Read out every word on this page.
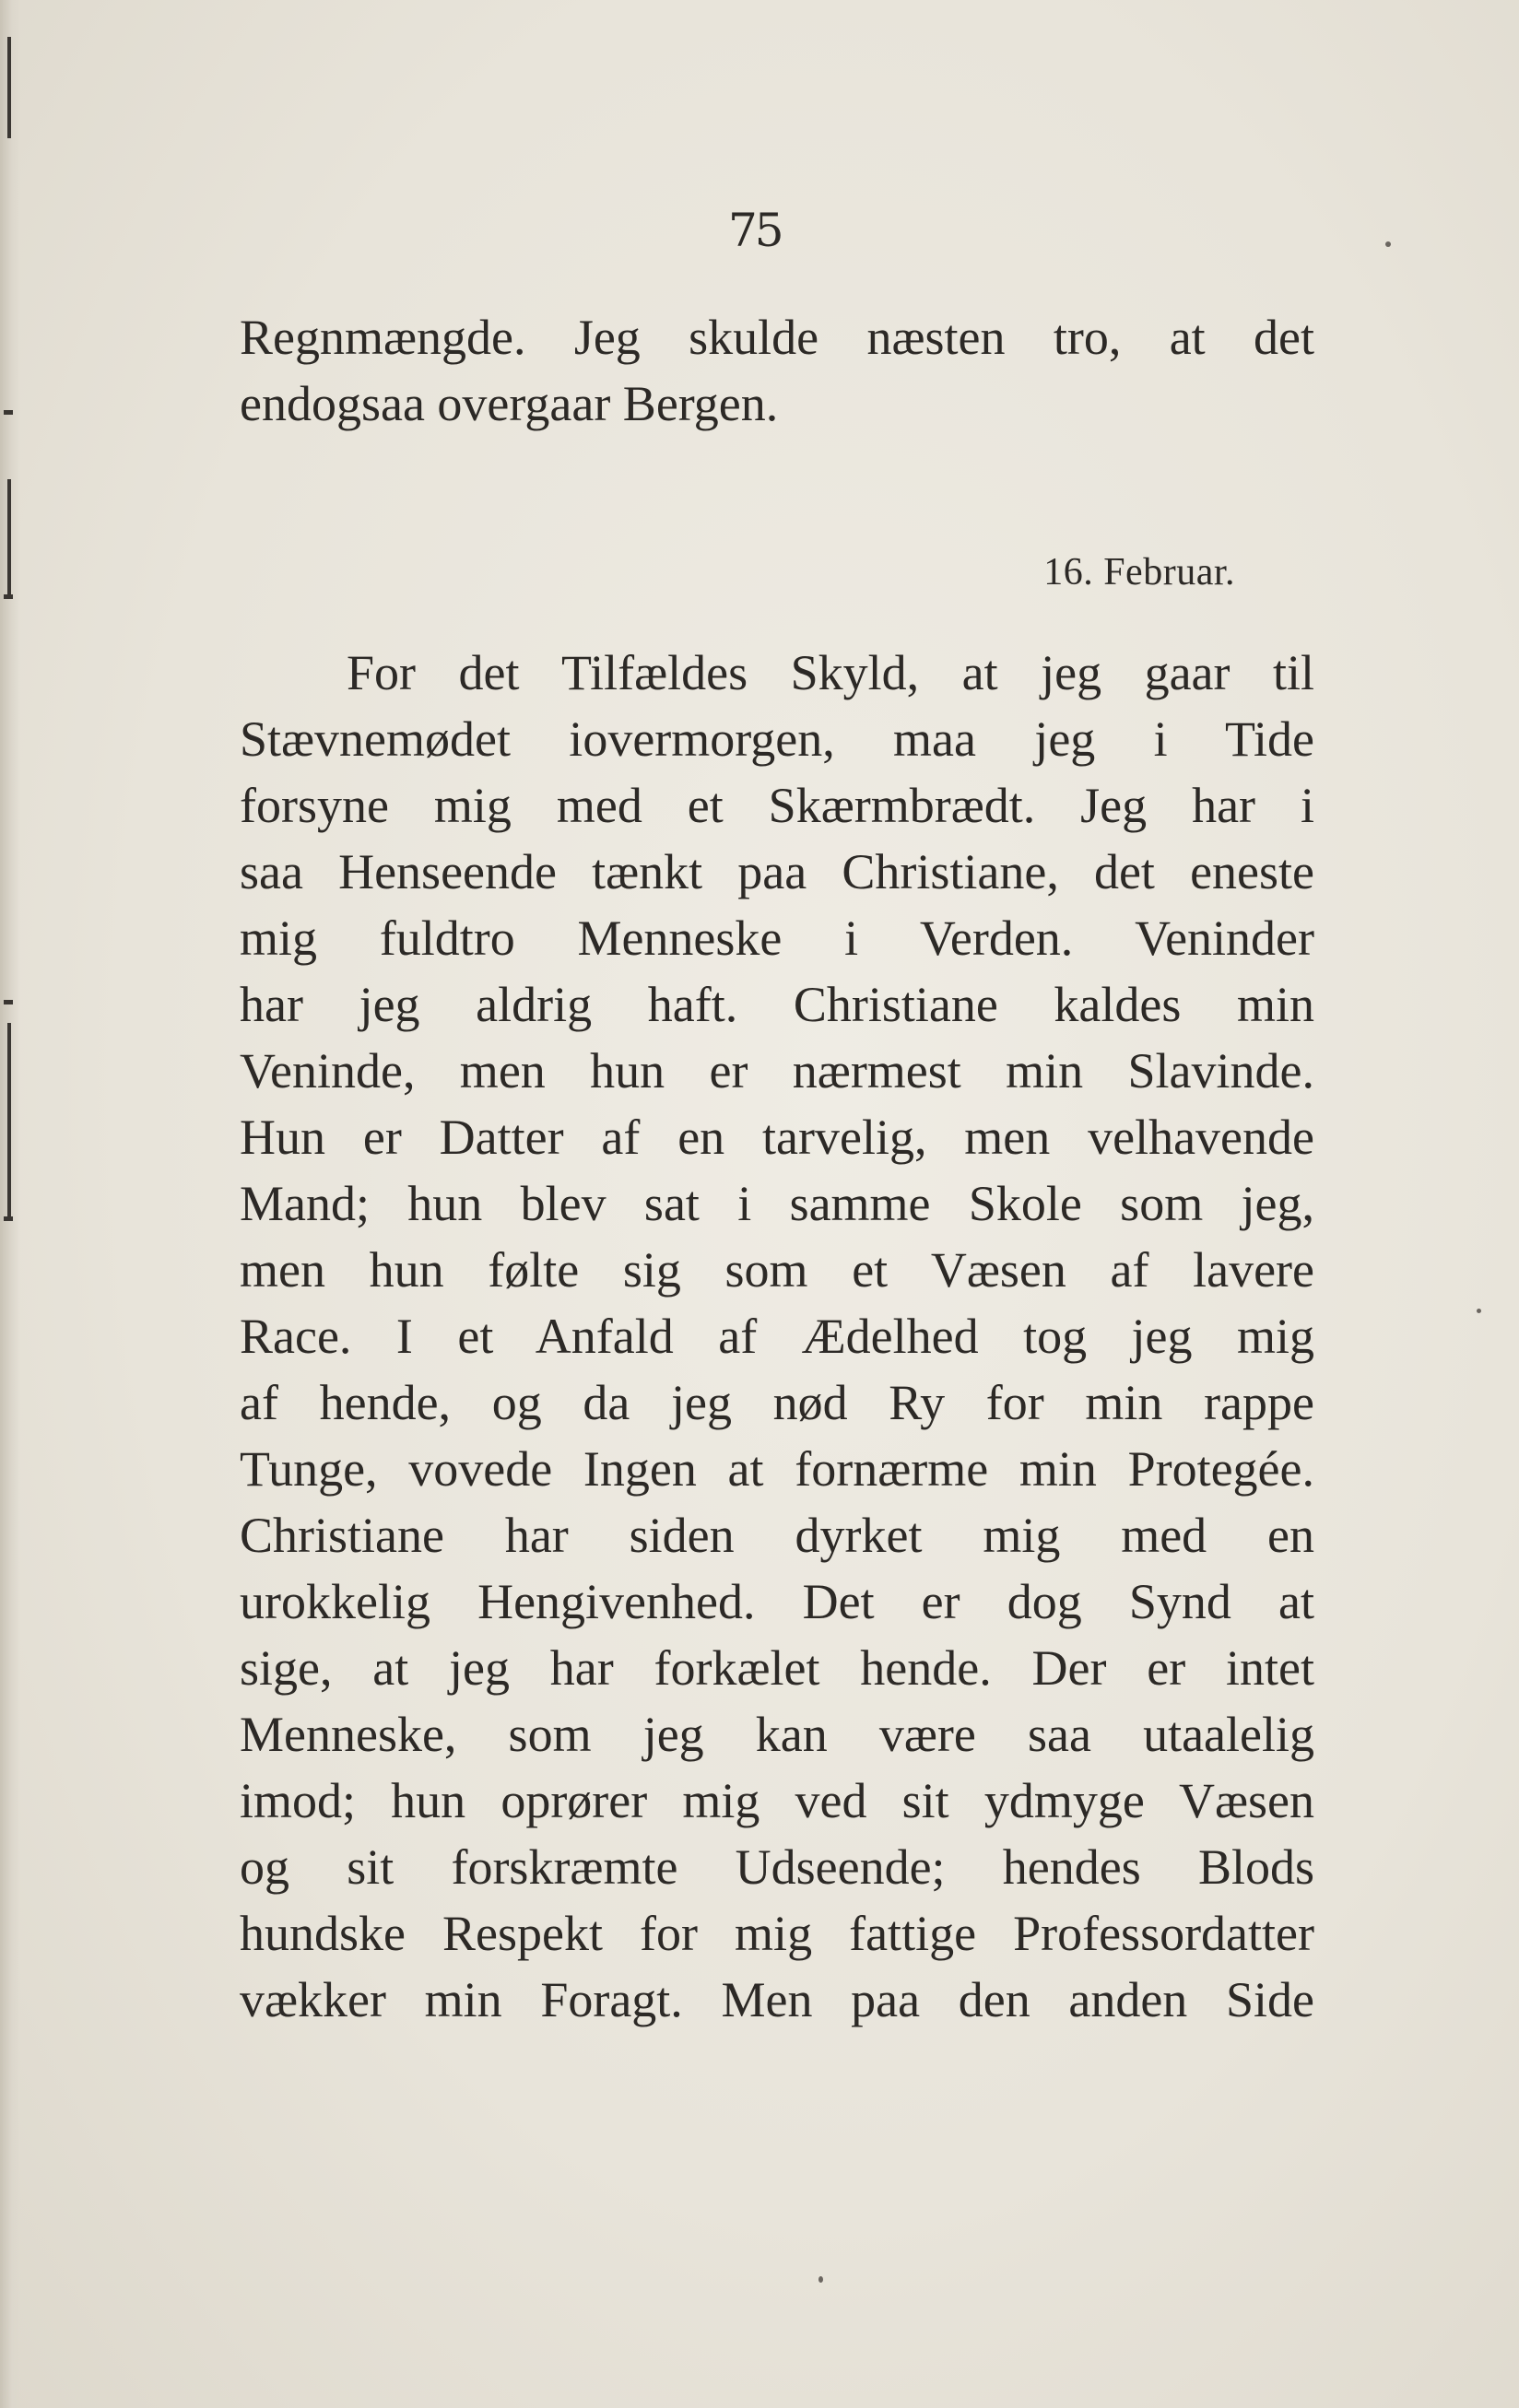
75
Regnmængde. Jeg skulde næsten tro, at det
endogsaa overgaar Bergen.
16. Februar.
For det Tilfældes Skyld, at jeg gaar til
Stævnemødet iovermorgen, maa jeg i Tide
forsyne mig med et Skærmbrædt. Jeg har i
saa Henseende tænkt paa Christiane, det eneste
mig fuldtro Menneske i Verden. Veninder
har jeg aldrig haft. Christiane kaldes min
Veninde, men hun er nærmest min Slavinde.
Hun er Datter af en tarvelig, men velhavende
Mand; hun blev sat i samme Skole som jeg,
men hun følte sig som et Væsen af lavere
Race. I et Anfald af Ædelhed tog jeg mig
af hende, og da jeg nød Ry for min rappe
Tunge, vovede Ingen at fornærme min Protegée.
Christiane har siden dyrket mig med en
urokkelig Hengivenhed. Det er dog Synd at
sige, at jeg har forkælet hende. Der er intet
Menneske, som jeg kan være saa utaalelig
imod; hun oprører mig ved sit ydmyge Væsen
og sit forskræmte Udseende; hendes Blods
hundske Respekt for mig fattige Professordatter
vækker min Foragt. Men paa den anden Side
